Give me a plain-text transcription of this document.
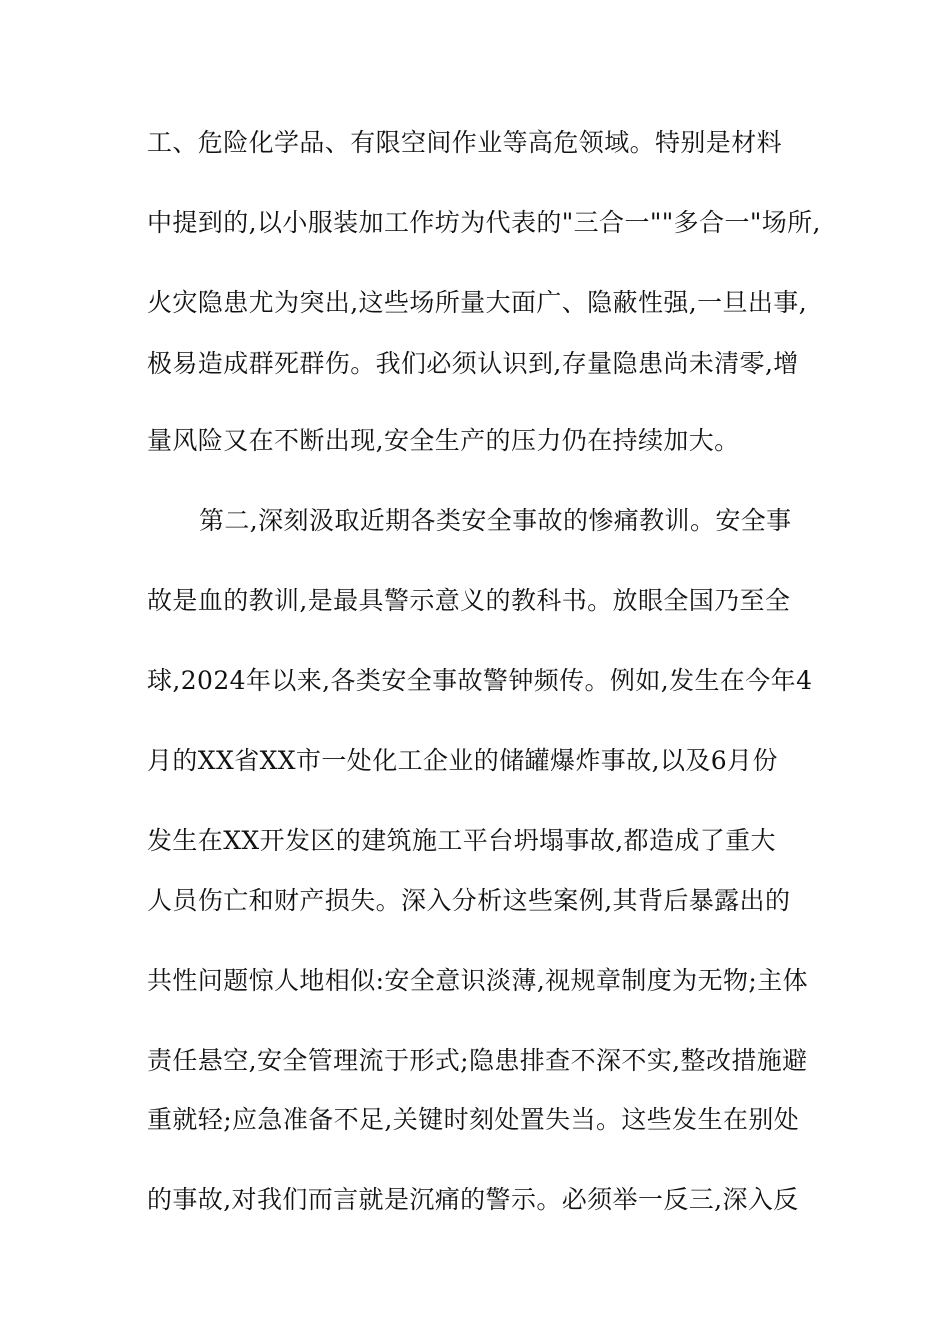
工、危险化学品、有限空间作业等高危领域。特别是材料
中提到的,以小服装加工作坊为代表的"三合一""多合一"场所,
火灾隐患尤为突出,这些场所量大面广、隐蔽性强,一旦出事,
极易造成群死群伤。我们必须认识到,存量隐患尚未清零,增
量风险又在不断出现,安全生产的压力仍在持续加大。
第二,深刻汲取近期各类安全事故的惨痛教训。安全事
故是血的教训,是最具警示意义的教科书。放眼全国乃至全
球,2024年以来,各类安全事故警钟频传。例如,发生在今年4
月的XX省XX市一处化工企业的储罐爆炸事故,以及6月份
发生在XX开发区的建筑施工平台坍塌事故,都造成了重大
人员伤亡和财产损失。深入分析这些案例,其背后暴露出的
共性问题惊人地相似:安全意识淡薄,视规章制度为无物;主体
责任悬空,安全管理流于形式;隐患排查不深不实,整改措施避
重就轻;应急准备不足,关键时刻处置失当。这些发生在别处
的事故,对我们而言就是沉痛的警示。必须举一反三,深入反
